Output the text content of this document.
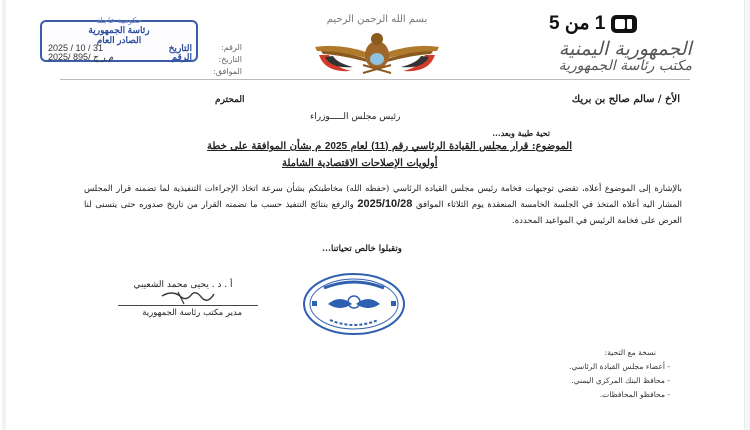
1 من 5
الجمهورية اليمنية
مكتب رئاسة الجمهورية
بسم الله الرحمن الرحيم
حكومية عاجلة
رئاسة الجمهورية
الصادر العام
التاريخ
2025 / 10 / 31
الرقم
2025/ م ر ج /895
الرقم:
التاريخ:
الموافق:
الأخ / سالم صالح بن بريك
المحترم
رئيس مجلس الـــــوزراء
تحية طيبة وبعد...
الموضوع: قرار مجلس القيادة الرئاسي رقم (11) لعام 2025 م بشأن الموافقة على خطة
أولويات الإصلاحات الاقتصادية الشاملة
بالإشارة إلى الموضوع أعلاه، تقضي توجيهات فخامة رئيس مجلس القيادة الرئاسي (حفظه الله) مخاطبتكم بشأن سرعة اتخاذ الإجراءات التنفيذية لما تضمنه قرار المجلس المشار اليه أعلاه المتخذ في الجلسة الخامسة المنعقدة يوم الثلاثاء الموافق 2025/10/28 والرفع بنتائج التنفيذ حسب ما تضمنه القرار من تاريخ صدوره حتى يتسنى لنا العرض على فخامة الرئيس في المواعيد المحددة.
وتقبلوا خالص تحياتنا...
أ . د . يحيى محمد الشعيبي
مدير مكتب رئاسة الجمهورية
نسخة مع التحية:
- أعضاء مجلس القيادة الرئاسي.
- محافظ البنك المركزي اليمني.
- محافظو المحافظات.
